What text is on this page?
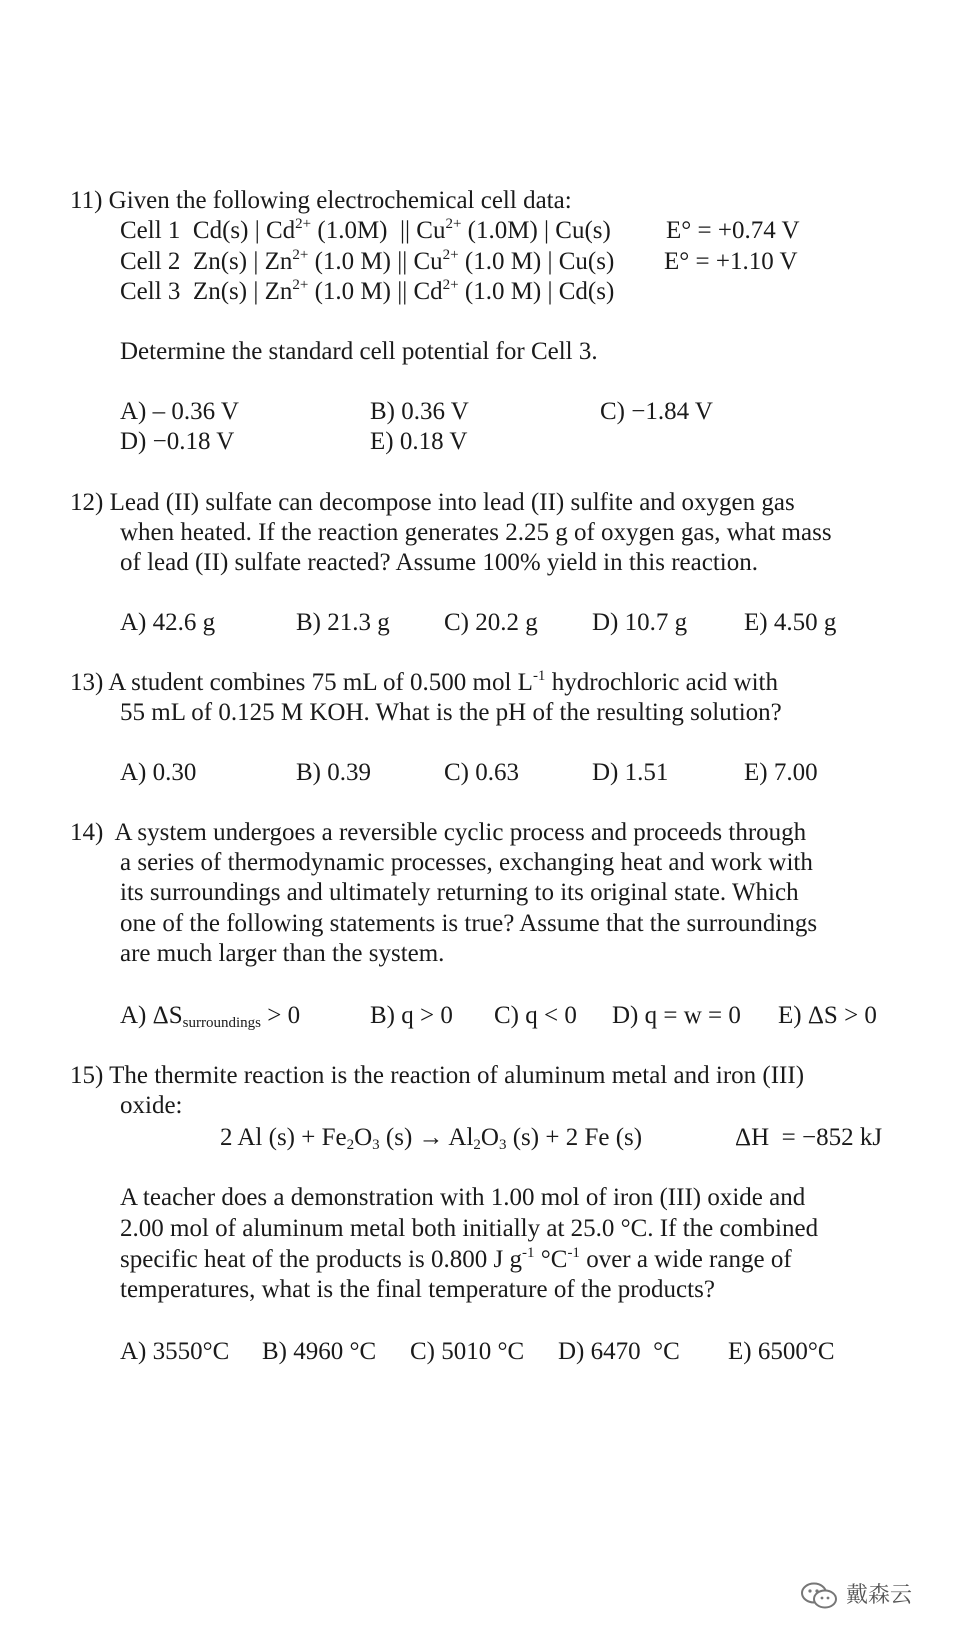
11) Given the following electrochemical cell data:
Cell 1 Cd(s) | $Cd^{2+}$ (1.0M)  || $Cu^{2+}$ (1.0M) | Cu(s) E° = +0.74 V
Cell 2 Zn(s) | $Zn^{2+}$ (1.0 M) || $Cu^{2+}$ (1.0 M) | Cu(s) E° = +1.10 V
Cell 3 Zn(s) | $Zn^{2+}$ (1.0 M) || $Cd^{2+}$ (1.0 M) | Cd(s)
Determine the standard cell potential for Cell 3.
A) – 0.36 V	B) 0.36 V	C) −1.84 V
D) −0.18 V	E) 0.18 V
12) Lead (II) sulfate can decompose into lead (II) sulfite and oxygen gas
when heated. If the reaction generates 2.25 g of oxygen gas, what mass
of lead (II) sulfate reacted? Assume 100% yield in this reaction.
A) 42.6 g	B) 21.3 g C) 20.2 g D) 10.7 g E) 4.50 g
13) A student combines 75 mL of 0.500 mol $L^{-1}$ hydrochloric acid with
55 mL of 0.125 M KOH. What is the pH of the resulting solution?
A) 0.30	B) 0.39	C) 0.63	D) 1.51	E) 7.00
14) A system undergoes a reversible cyclic process and proceeds through
a series of thermodynamic processes, exchanging heat and work with
its surroundings and ultimately returning to its original state. Which
one of the following statements is true? Assume that the surroundings
are much larger than the system.
A) $\Delta S_{surroundings} > 0$	B) q > 0 C) q < 0 D) q = w = 0 E) ΔS > 0
15) The thermite reaction is the reaction of aluminum metal and iron (III)
oxide:
2 Al $(s) + Fe_2O_3$ $(s) \to Al_2O_3$ (s) + 2 Fe (s)	ΔH  = −852 kJ
A teacher does a demonstration with 1.00 mol of iron (III) oxide and
2.00 mol of aluminum metal both initially at 25.0 °C. If the combined
specific heat of the products is 0.800 J $g^{-1}$ $^\circ C^{-1}$ over a wide range of
temperatures, what is the final temperature of the products?
A) 3550°C B) 4960 °C C) 5010 °C D) 6470  °C E) 6500°C
戴森云
